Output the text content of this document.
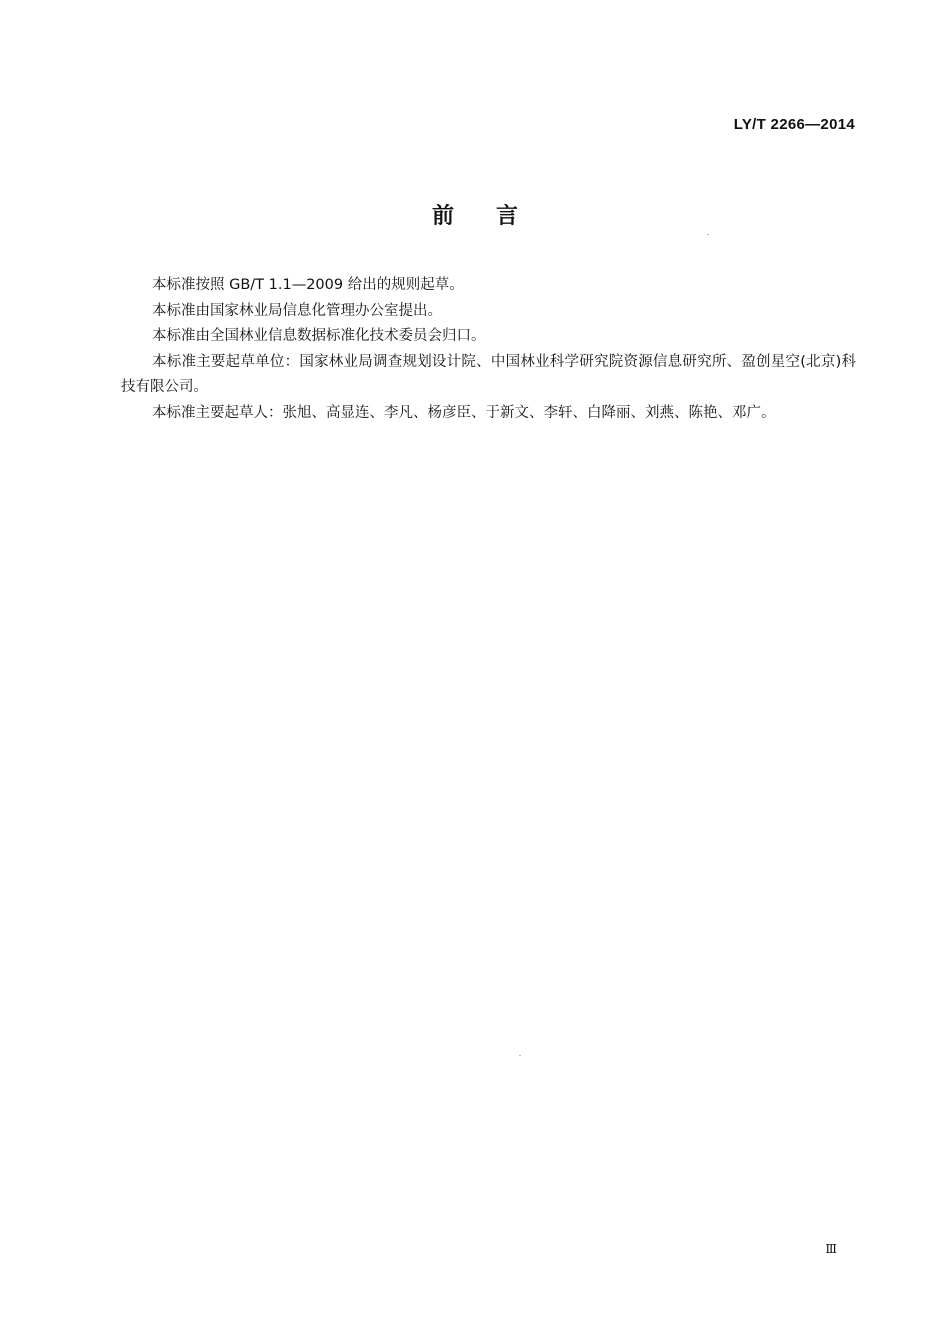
LY/T 2266—2014
前言

本标准按照 GB/T 1.1—2009 给出的规则起草。

本标准由国家林业局信息化管理办公室提出。

本标准由全国林业信息数据标准化技术委员会归口。

本标准主要起草单位：国家林业局调查规划设计院、中国林业科学研究院资源信息研究所、盈创星空(北京)科技有限公司。

本标准主要起草人：张旭、高显连、李凡、杨彦臣、于新文、李轩、白降丽、刘燕、陈艳、邓广。

Ⅲ
